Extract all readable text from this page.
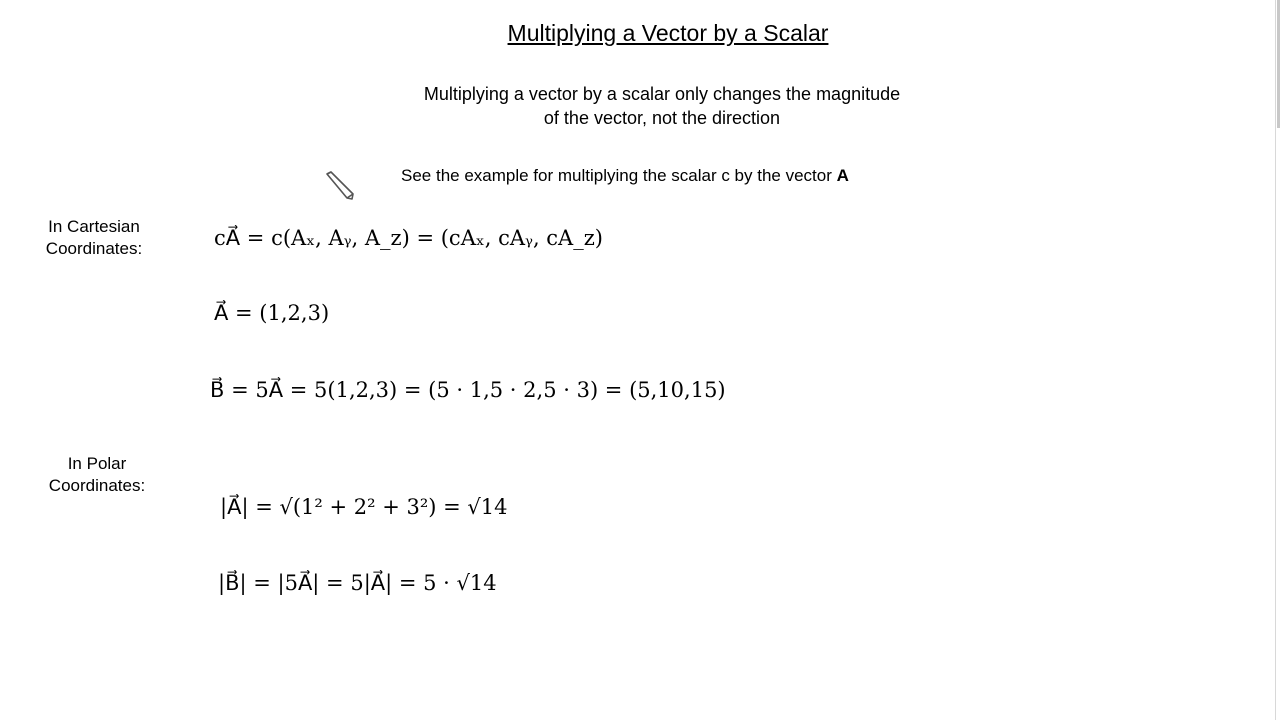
Multiplying a Vector by a Scalar
Multiplying a vector by a scalar only changes the magnitude
of the vector, not the direction
See the example for multiplying the scalar c by the vector A
In Cartesian
Coordinates:
In Polar
Coordinates:
cA⃗ = c(Aₓ, Aᵧ, A_z) = (cAₓ, cAᵧ, cA_z)
A⃗ = (1,2,3)
B⃗ = 5A⃗ = 5(1,2,3) = (5 · 1,5 · 2,5 · 3) = (5,10,15)
|A⃗| = √(1² + 2² + 3²) = √14
|B⃗| = |5A⃗| = 5|A⃗| = 5 · √14
